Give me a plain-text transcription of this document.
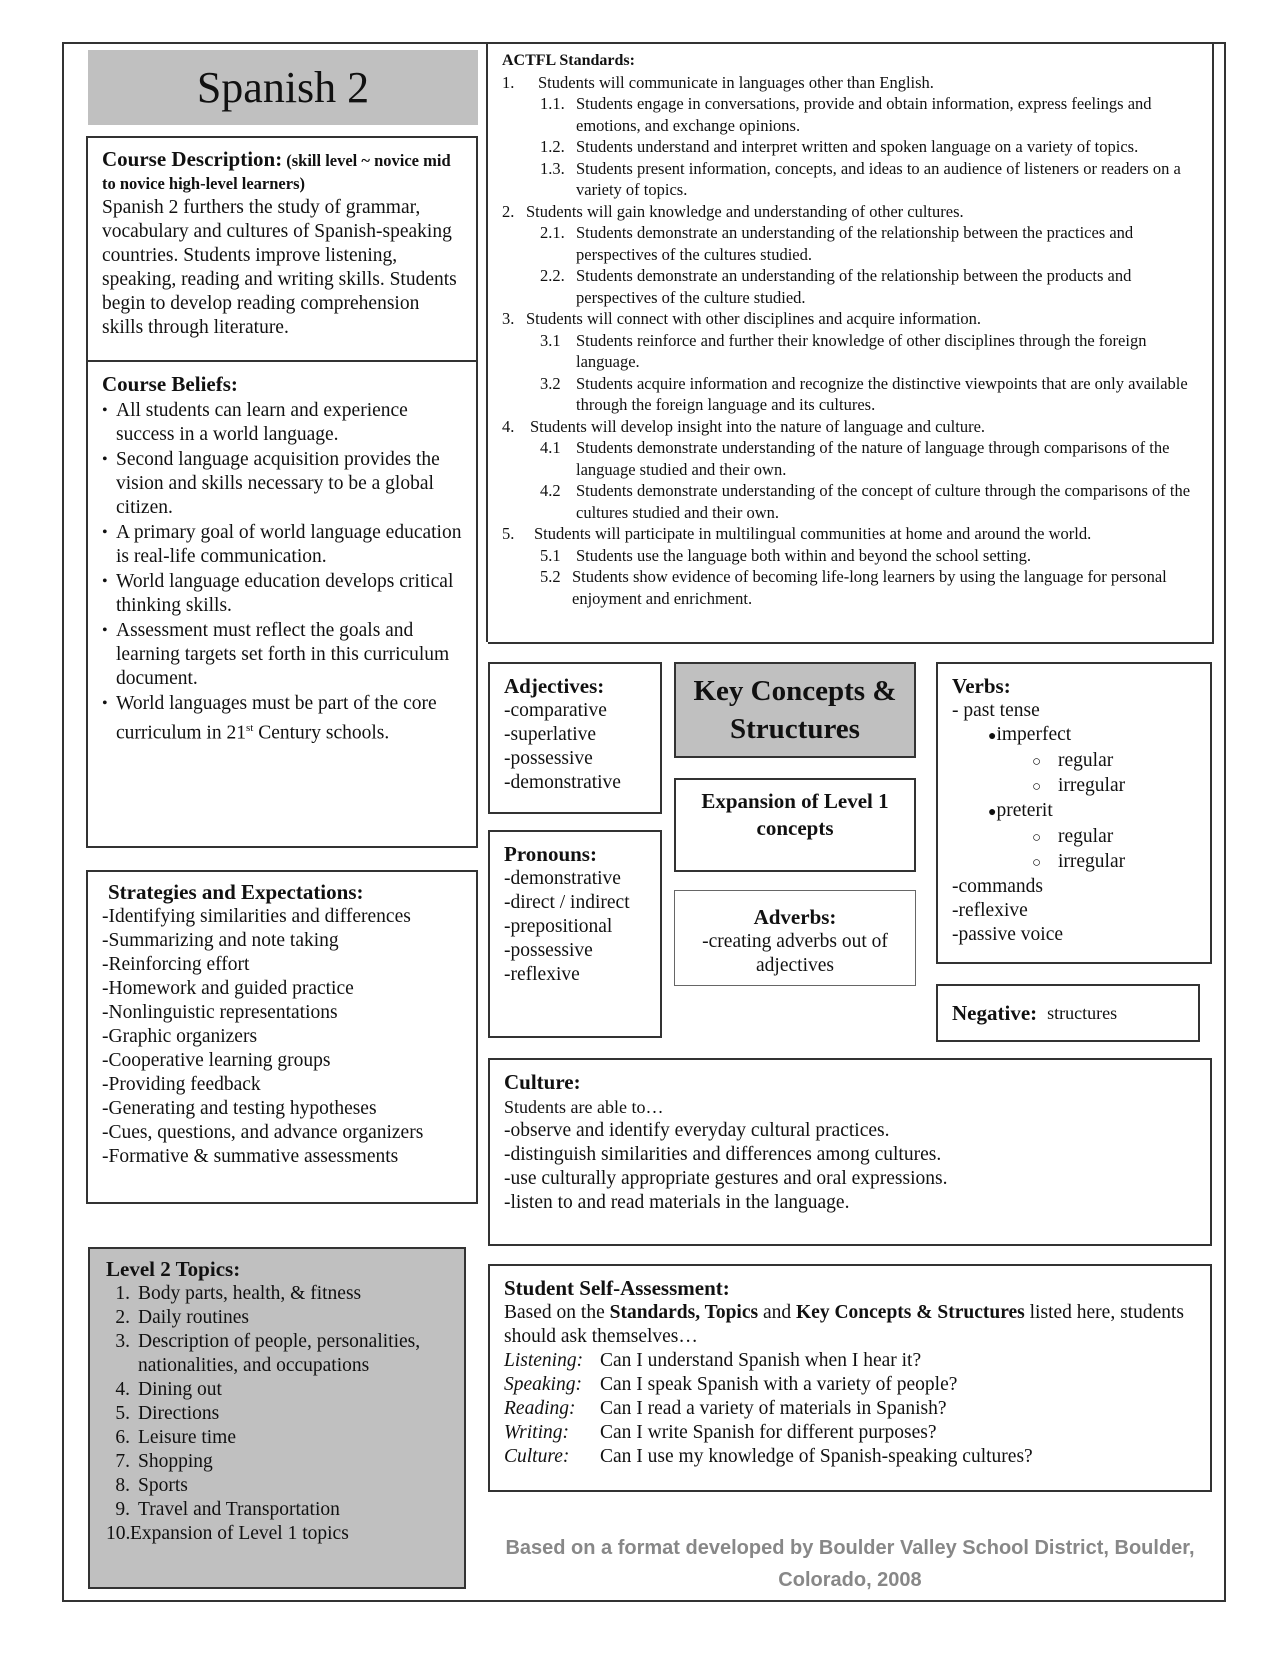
Spanish 2
Course Description: (skill level ~ novice mid to novice high-level learners)
Spanish 2 furthers the study of grammar, vocabulary and cultures of Spanish-speaking countries. Students improve listening, speaking, reading and writing skills. Students begin to develop reading comprehension skills through literature.
Course Beliefs:
• All students can learn and experience success in a world language.
• Second language acquisition provides the vision and skills necessary to be a global citizen.
• A primary goal of world language education is real-life communication.
• World language education develops critical thinking skills.
• Assessment must reflect the goals and learning targets set forth in this curriculum document.
• World languages must be part of the core curriculum in 21st Century schools.
Strategies and Expectations:
-Identifying similarities and differences
-Summarizing and note taking
-Reinforcing effort
-Homework and guided practice
-Nonlinguistic representations
-Graphic organizers
-Cooperative learning groups
-Providing feedback
-Generating and testing hypotheses
-Cues, questions, and advance organizers
-Formative & summative assessments
Level 2 Topics:
1. Body parts, health, & fitness
2. Daily routines
3. Description of people, personalities, nationalities, and occupations
4. Dining out
5. Directions
6. Leisure time
7. Shopping
8. Sports
9. Travel and Transportation
10. Expansion of Level 1 topics
ACTFL Standards:
1.	Students will communicate in languages other than English.
1.1. Students engage in conversations, provide and obtain information, express feelings and emotions, and exchange opinions.
1.2. Students understand and interpret written and spoken language on a variety of topics.
1.3. Students present information, concepts, and ideas to an audience of listeners or readers on a variety of topics.
2. Students will gain knowledge and understanding of other cultures.
2.1. Students demonstrate an understanding of the relationship between the practices and perspectives of the cultures studied.
2.2. Students demonstrate an understanding of the relationship between the products and perspectives of the culture studied.
3. Students will connect with other disciplines and acquire information.
3.1 Students reinforce and further their knowledge of other disciplines through the foreign language.
3.2 Students acquire information and recognize the distinctive viewpoints that are only available through the foreign language and its cultures.
4. Students will develop insight into the nature of language and culture.
4.1 Students demonstrate understanding of the nature of language through comparisons of the language studied and their own.
4.2 Students demonstrate understanding of the concept of culture through the comparisons of the cultures studied and their own.
5.	Students will participate in multilingual communities at home and around the world.
5.1 Students use the language both within and beyond the school setting.
5.2 Students show evidence of becoming life-long learners by using the language for personal enjoyment and enrichment.
Adjectives:
-comparative
-superlative
-possessive
-demonstrative
Pronouns:
-demonstrative
-direct / indirect
-prepositional
-possessive
-reflexive
Key Concepts & Structures
Expansion of Level 1 concepts
Adverbs:
-creating adverbs out of adjectives
Verbs:
- past tense
●imperfect
○ regular
○ irregular
●preterit
○ regular
○ irregular
-commands
-reflexive
-passive voice
Negative: structures
Culture:
Students are able to…
-observe and identify everyday cultural practices.
-distinguish similarities and differences among cultures.
-use culturally appropriate gestures and oral expressions.
-listen to and read materials in the language.
Student Self-Assessment:
Based on the Standards, Topics and Key Concepts & Structures listed here, students should ask themselves…
Listening: Can I understand Spanish when I hear it?
Speaking: Can I speak Spanish with a variety of people?
Reading:	Can I read a variety of materials in Spanish?
Writing:	Can I write Spanish for different purposes?
Culture:	Can I use my knowledge of Spanish-speaking cultures?
Based on a format developed by Boulder Valley School District, Boulder,
Colorado, 2008
